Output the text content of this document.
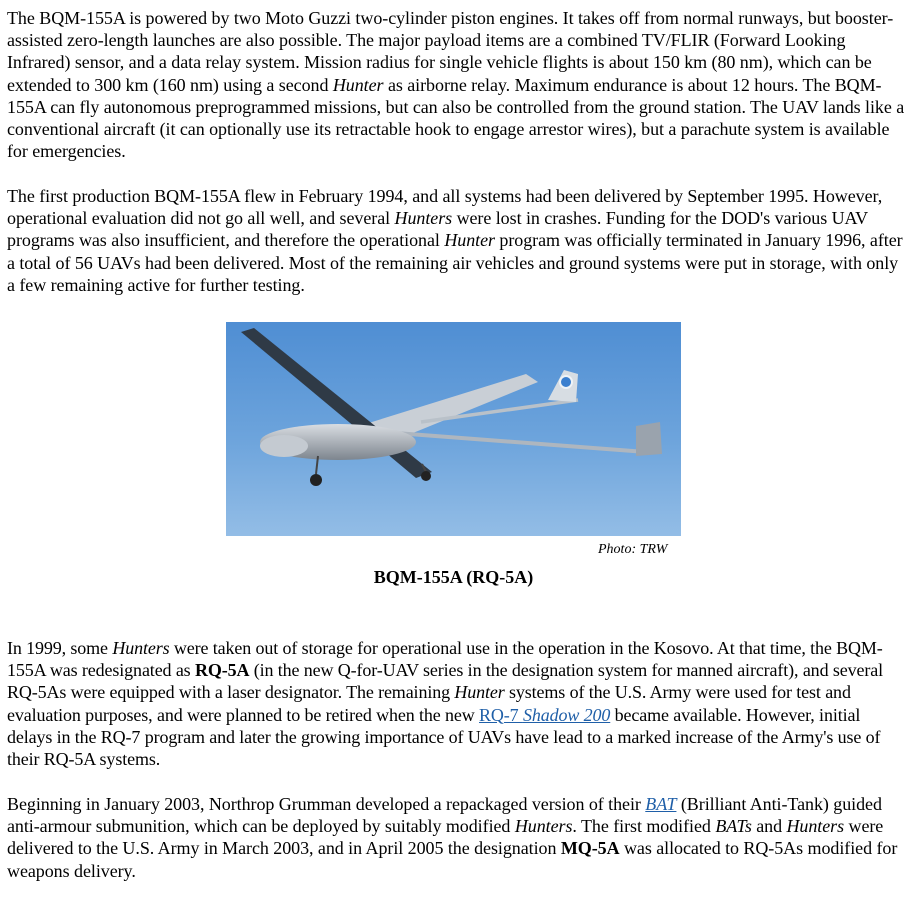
The BQM-155A is powered by two Moto Guzzi two-cylinder piston engines. It takes off from normal runways, but booster-assisted zero-length launches are also possible. The major payload items are a combined TV/FLIR (Forward Looking Infrared) sensor, and a data relay system. Mission radius for single vehicle flights is about 150 km (80 nm), which can be extended to 300 km (160 nm) using a second Hunter as airborne relay. Maximum endurance is about 12 hours. The BQM-155A can fly autonomous preprogrammed missions, but can also be controlled from the ground station. The UAV lands like a conventional aircraft (it can optionally use its retractable hook to engage arrestor wires), but a parachute system is available for emergencies.

The first production BQM-155A flew in February 1994, and all systems had been delivered by September 1995. However, operational evaluation did not go all well, and several Hunters were lost in crashes. Funding for the DOD's various UAV programs was also insufficient, and therefore the operational Hunter program was officially terminated in January 1996, after a total of 56 UAVs had been delivered. Most of the remaining air vehicles and ground systems were put in storage, with only a few remaining active for further testing.

Photo: TRW
BQM-155A (RQ-5A)

In 1999, some Hunters were taken out of storage for operational use in the operation in the Kosovo. At that time, the BQM-155A was redesignated as RQ-5A (in the new Q-for-UAV series in the designation system for manned aircraft), and several RQ-5As were equipped with a laser designator. The remaining Hunter systems of the U.S. Army were used for test and evaluation purposes, and were planned to be retired when the new RQ-7 Shadow 200 became available. However, initial delays in the RQ-7 program and later the growing importance of UAVs have lead to a marked increase of the Army's use of their RQ-5A systems.

Beginning in January 2003, Northrop Grumman developed a repackaged version of their BAT (Brilliant Anti-Tank) guided anti-armour submunition, which can be deployed by suitably modified Hunters. The first modified BATs and Hunters were delivered to the U.S. Army in March 2003, and in April 2005 the designation MQ-5A was allocated to RQ-5As modified for weapons delivery.
